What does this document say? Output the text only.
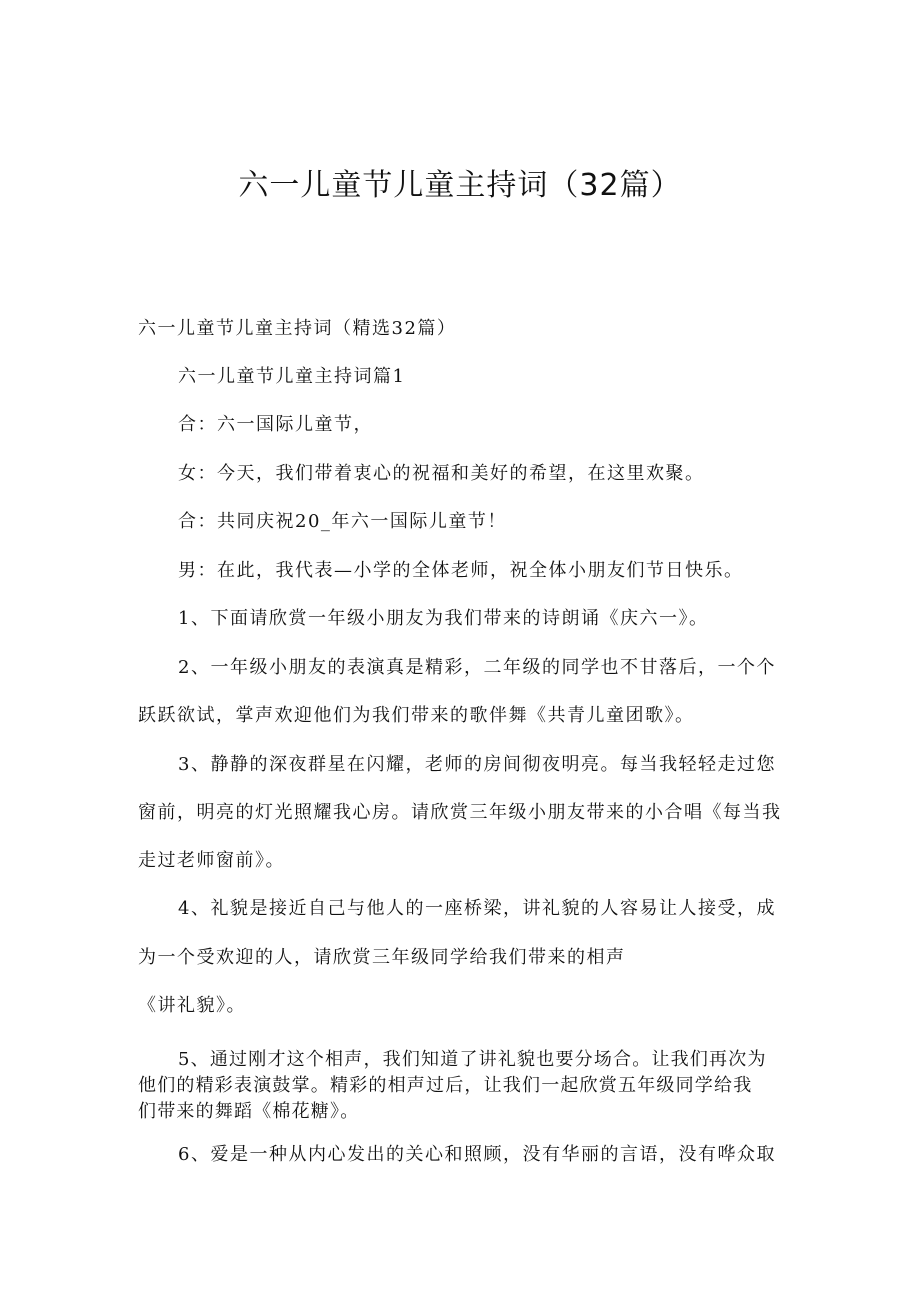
六一儿童节儿童主持词（32篇）
六一儿童节儿童主持词（精选32篇）
六一儿童节儿童主持词篇1
合：六一国际儿童节，
女：今天，我们带着衷心的祝福和美好的希望，在这里欢聚。
合：共同庆祝20_年六一国际儿童节！
男：在此，我代表—小学的全体老师，祝全体小朋友们节日快乐。
1、下面请欣赏一年级小朋友为我们带来的诗朗诵《庆六一》。
2、一年级小朋友的表演真是精彩，二年级的同学也不甘落后，一个个
跃跃欲试，掌声欢迎他们为我们带来的歌伴舞《共青儿童团歌》。
3、静静的深夜群星在闪耀，老师的房间彻夜明亮。每当我轻轻走过您
窗前，明亮的灯光照耀我心房。请欣赏三年级小朋友带来的小合唱《每当我
走过老师窗前》。
4、礼貌是接近自己与他人的一座桥梁，讲礼貌的人容易让人接受，成
为一个受欢迎的人，请欣赏三年级同学给我们带来的相声
《讲礼貌》。
5、通过刚才这个相声，我们知道了讲礼貌也要分场合。让我们再次为
他们的精彩表演鼓掌。精彩的相声过后，让我们一起欣赏五年级同学给我
们带来的舞蹈《棉花糖》。
6、爱是一种从内心发出的关心和照顾，没有华丽的言语，没有哗众取
